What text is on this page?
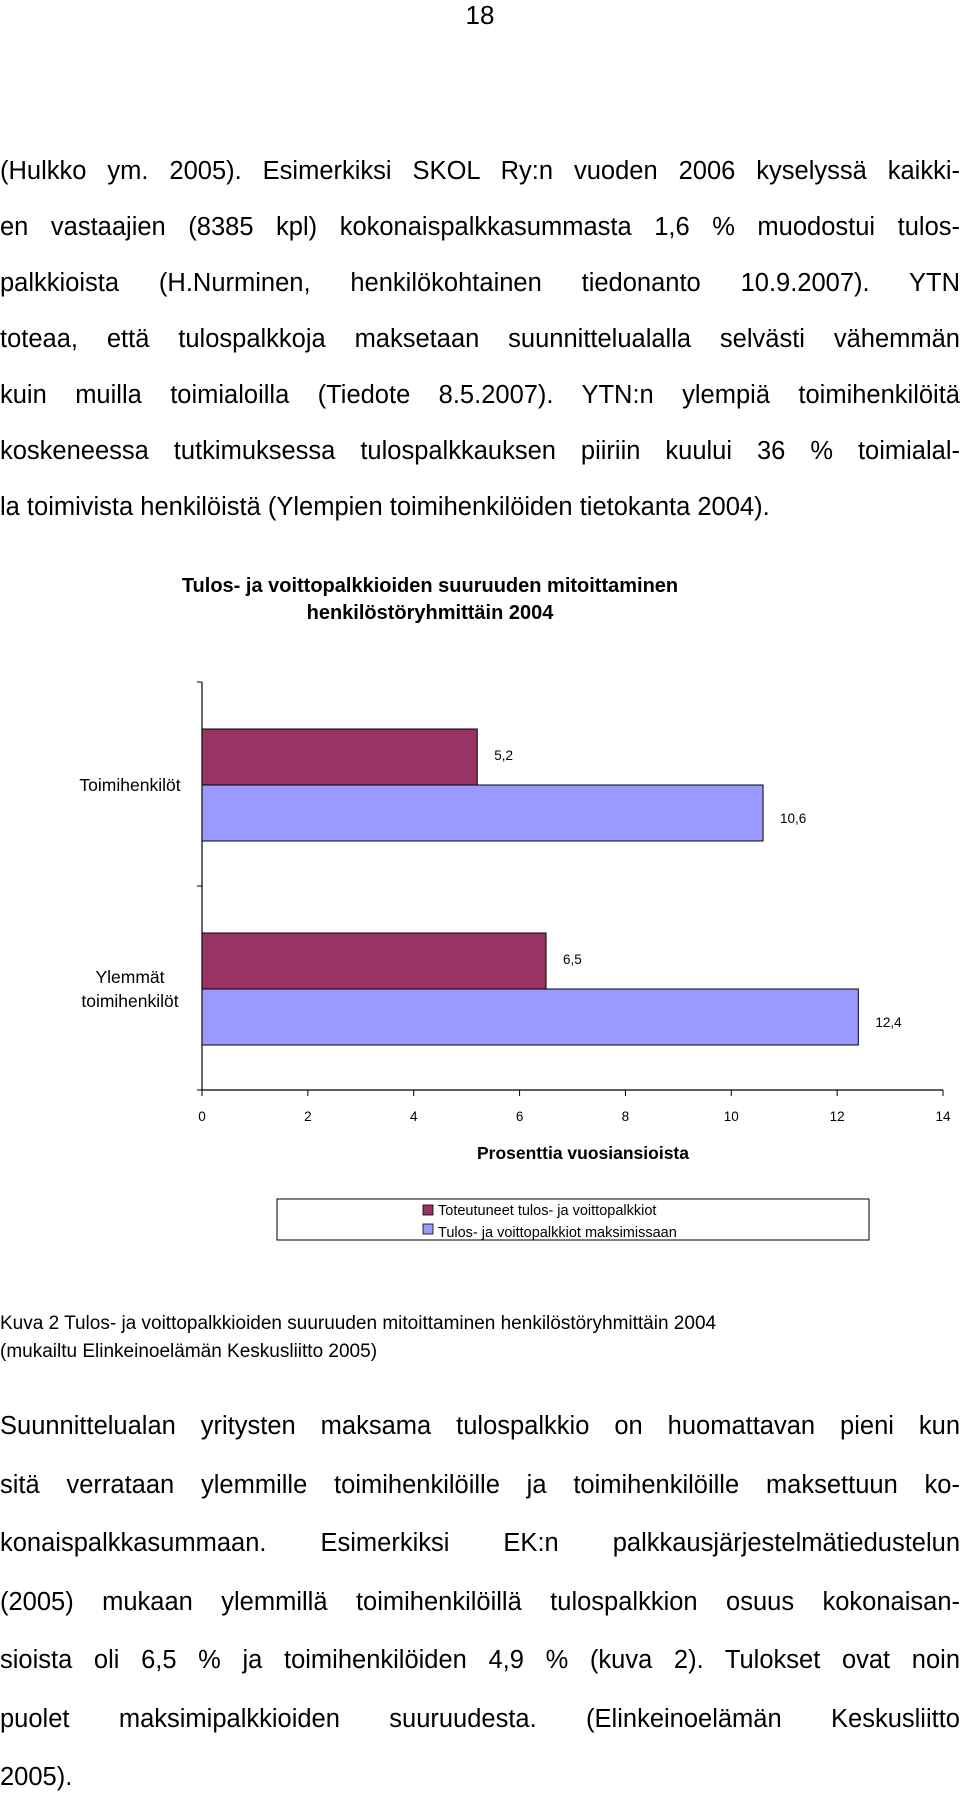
18
(Hulkko ym. 2005). Esimerkiksi SKOL Ry:n vuoden 2006 kyselyssä kaikki-
en vastaajien (8385 kpl) kokonaispalkkasummasta 1,6 % muodostui tulos-
palkkioista (H.Nurminen, henkilökohtainen tiedonanto 10.9.2007). YTN
toteaa, että tulospalkkoja maksetaan suunnittelualalla selvästi vähemmän
kuin muilla toimialoilla (Tiedote 8.5.2007). YTN:n ylempiä toimihenkilöitä
koskeneessa tutkimuksessa tulospalkkauksen piiriin kuului 36 % toimialal-
la toimivista henkilöistä (Ylempien toimihenkilöiden tietokanta 2004).
Tulos- ja voittopalkkioiden suuruuden mitoittaminen
henkilöstöryhmittäin 2004
5,2
10,6
6,5
12,4
Toimihenkilöt
Ylemmät
toimihenkilöt
0	2	4	6	8	10	12	14
Prosenttia vuosiansioista
Toteutuneet tulos- ja voittopalkkiot
Tulos- ja voittopalkkiot maksimissaan
Kuva 2 Tulos- ja voittopalkkioiden suuruuden mitoittaminen henkilöstöryhmittäin 2004
(mukailtu Elinkeinoelämän Keskusliitto 2005)
Suunnittelualan yritysten maksama tulospalkkio on huomattavan pieni kun
sitä verrataan ylemmille toimihenkilöille ja toimihenkilöille maksettuun ko-
konaispalkkasummaan. Esimerkiksi EK:n palkkausjärjestelmätiedustelun
(2005) mukaan ylemmillä toimihenkilöillä tulospalkkion osuus kokonaisan-
sioista oli 6,5 % ja toimihenkilöiden 4,9 % (kuva 2). Tulokset ovat noin
puolet maksimipalkkioiden suuruudesta. (Elinkeinoelämän Keskusliitto
2005).
